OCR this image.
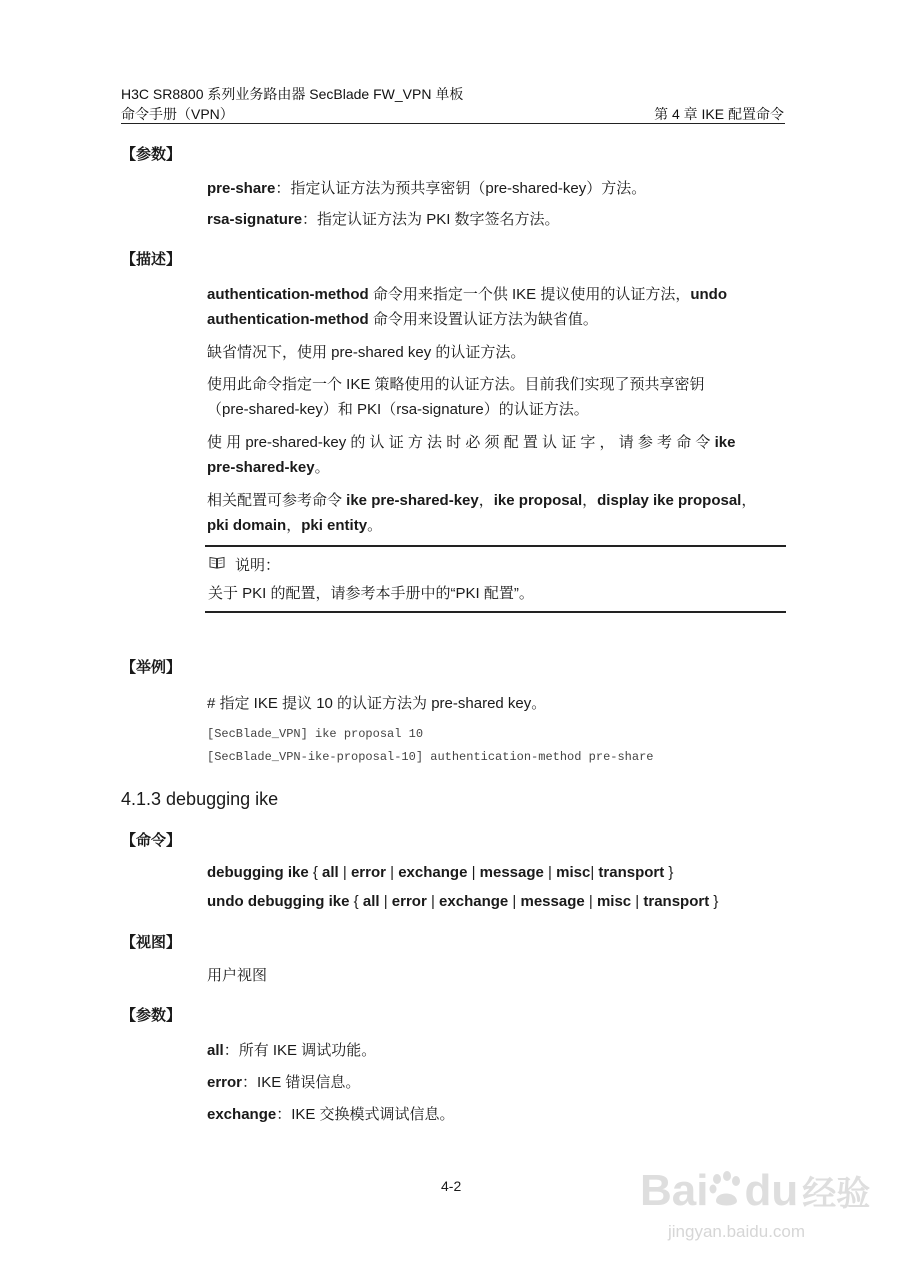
H3C SR8800 系列业务路由器 SecBlade FW_VPN 单板
命令手册（VPN）	第 4 章 IKE 配置命令
【参数】
pre-share：指定认证方法为预共享密钥（pre-shared-key）方法。
rsa-signature：指定认证方法为 PKI 数字签名方法。
【描述】
authentication-method 命令用来指定一个供 IKE 提议使用的认证方法，undo
authentication-method 命令用来设置认证方法为缺省值。
缺省情况下，使用 pre-shared key 的认证方法。
使用此命令指定一个 IKE 策略使用的认证方法。目前我们实现了预共享密钥
（pre-shared-key）和 PKI（rsa-signature）的认证方法。
使 用 pre-shared-key 的 认 证 方 法 时 必 须 配 置 认 证 字 ， 请 参 考 命 令 ike
pre-shared-key。
相关配置可参考命令 ike pre-shared-key，ike proposal，display ike proposal，
pki domain，pki entity。
说明：
关于 PKI 的配置，请参考本手册中的“PKI 配置”。
【举例】
# 指定 IKE 提议 10 的认证方法为 pre-shared key。
[SecBlade_VPN] ike proposal 10
[SecBlade_VPN-ike-proposal-10] authentication-method pre-share
4.1.3 debugging ike
【命令】
debugging ike { all | error | exchange | message | misc| transport }
undo debugging ike { all | error | exchange | message | misc | transport }
【视图】
用户视图
【参数】
all：所有 IKE 调试功能。
error：IKE 错误信息。
exchange：IKE 交换模式调试信息。
4-2	Bai du 经验
jingyan.baidu.com
